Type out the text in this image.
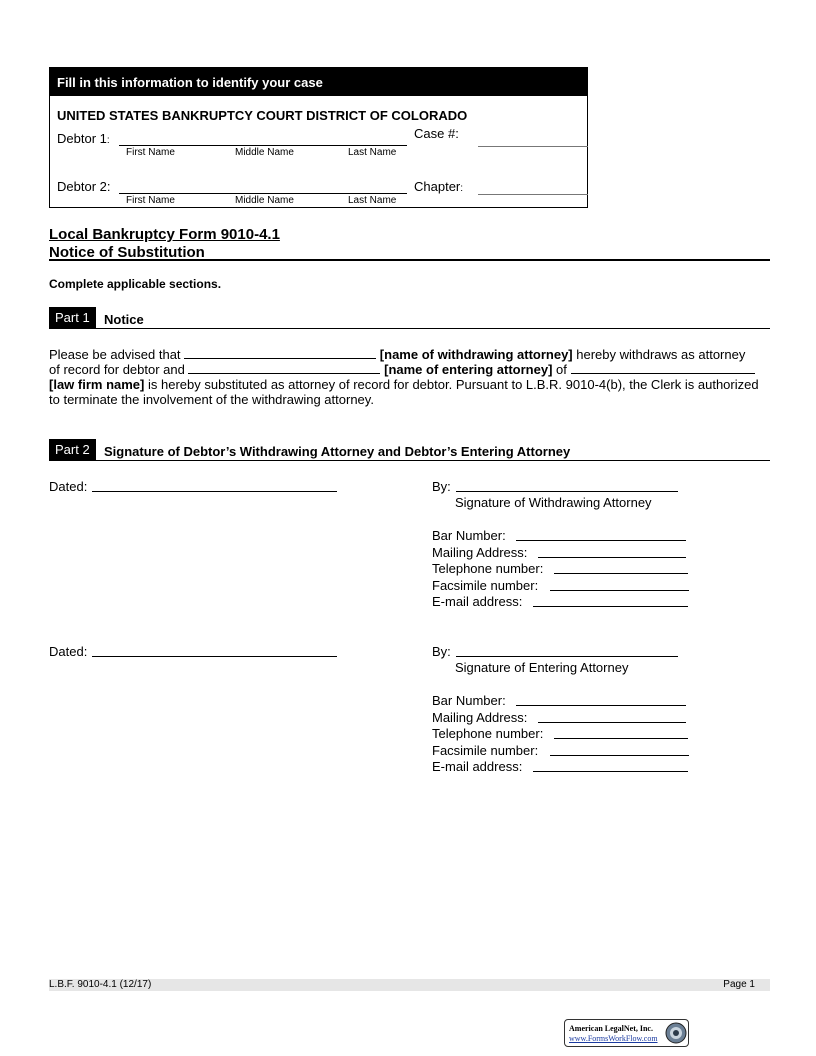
Fill in this information to identify your case
UNITED STATES BANKRUPTCY COURT DISTRICT OF COLORADO
Debtor 1:
First Name	Middle Name	Last Name
Case #:
Debtor 2:
First Name	Middle Name	Last Name
Chapter:
Local Bankruptcy Form 9010-4.1
Notice of Substitution
Complete applicable sections.
Part 1	Notice
Please be advised that	[name of withdrawing attorney] hereby withdraws as attorney
of record for debtor and	[name of entering attorney] of
[law firm name] is hereby substituted as attorney of record for debtor. Pursuant to L.B.R. 9010-4(b), the Clerk is authorized to terminate the involvement of the withdrawing attorney.
Part 2	Signature of Debtor’s Withdrawing Attorney and Debtor’s Entering Attorney
Dated:	By:
Signature of Withdrawing Attorney
Bar Number:
Mailing Address:
Telephone number:
Facsimile number:
E-mail address:
Dated:	By:
Signature of Entering Attorney
Bar Number:
Mailing Address:
Telephone number:
Facsimile number:
E-mail address:
L.B.F. 9010-4.1 (12/17)	Page 1
American LegalNet, Inc.
www.FormsWorkFlow.com
